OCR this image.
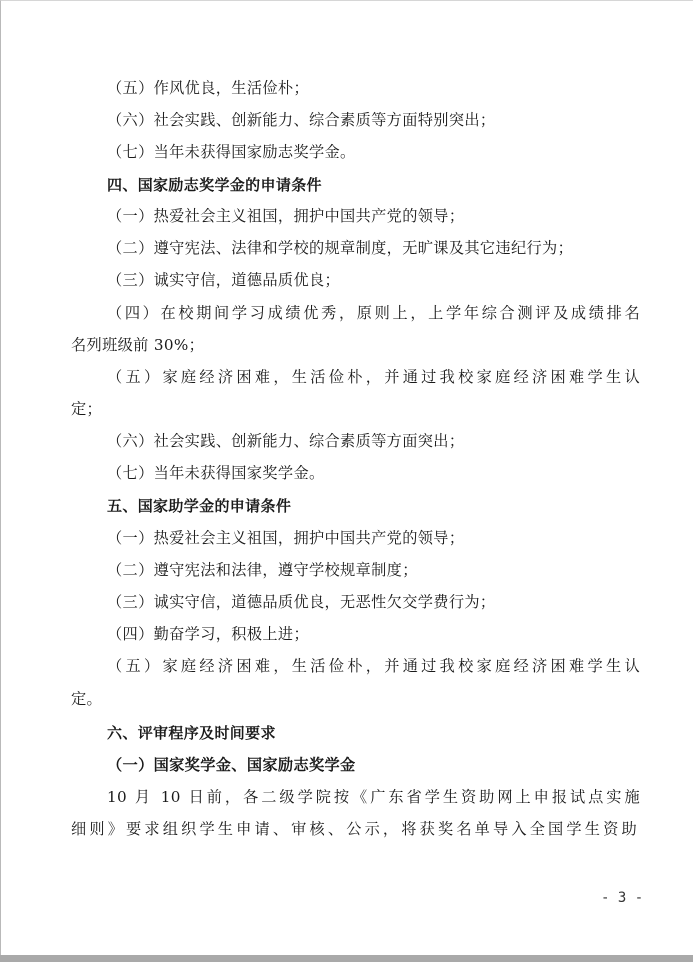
（五）作风优良，生活俭朴；
（六）社会实践、创新能力、综合素质等方面特别突出；
（七）当年未获得国家励志奖学金。
四、国家励志奖学金的申请条件
（一）热爱社会主义祖国，拥护中国共产党的领导；
（二）遵守宪法、法律和学校的规章制度，无旷课及其它违纪行为；
（三）诚实守信，道德品质优良；
（四）在校期间学习成绩优秀，原则上，上学年综合测评及成绩排名
名列班级前 30%；
（五）家庭经济困难，生活俭朴，并通过我校家庭经济困难学生认
定；
（六）社会实践、创新能力、综合素质等方面突出；
（七）当年未获得国家奖学金。
五、国家助学金的申请条件
（一）热爱社会主义祖国，拥护中国共产党的领导；
（二）遵守宪法和法律，遵守学校规章制度；
（三）诚实守信，道德品质优良，无恶性欠交学费行为；
（四）勤奋学习，积极上进；
（五）家庭经济困难，生活俭朴，并通过我校家庭经济困难学生认
定。
六、评审程序及时间要求
（一）国家奖学金、国家励志奖学金
10 月 10 日前，各二级学院按《广东省学生资助网上申报试点实施
细则》要求组织学生申请、审核、公示，将获奖名单导入全国学生资助
- 3 -
